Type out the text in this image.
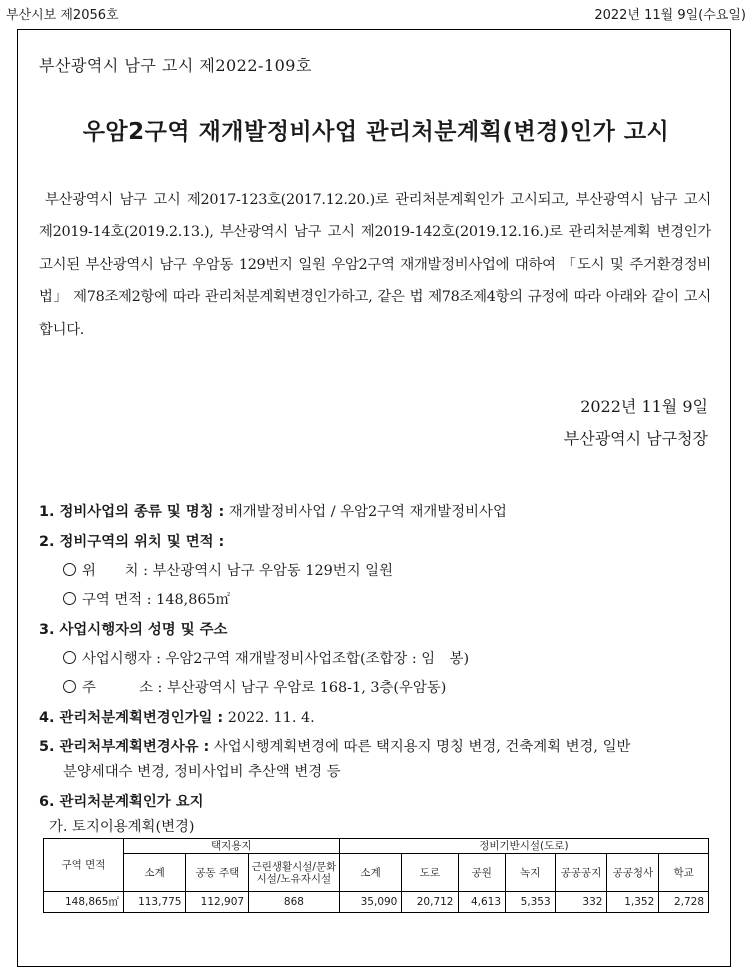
부산시보 제2056호	2022년 11월 9일(수요일)
부산광역시 남구 고시 제2022-109호
우암2구역 재개발정비사업 관리처분계획(변경)인가 고시
부산광역시 남구 고시 제2017-123호(2017.12.20.)로 관리처분계획인가 고시되고, 부산광역시 남구 고시 제2019-14호(2019.2.13.), 부산광역시 남구 고시 제2019-142호(2019.12.16.)로 관리처분계획 변경인가 고시된 부산광역시 남구 우암동 129번지 일원 우암2구역 재개발정비사업에 대하여 「도시 및 주거환경정비법」 제78조제2항에 따라 관리처분계획변경인가하고, 같은 법 제78조제4항의 규정에 따라 아래와 같이 고시합니다.
2022년 11월 9일
부산광역시 남구청장
1. 정비사업의 종류 및 명칭 : 재개발정비사업 / 우암2구역 재개발정비사업
2. 정비구역의 위치 및 면적 :
위　　치 : 부산광역시 남구 우암동 129번지 일원
구역 면적 : 148,865㎡
3. 사업시행자의 성명 및 주소
사업시행자 : 우암2구역 재개발정비사업조합(조합장 : 임　봉)
주　　　소 : 부산광역시 남구 우암로 168-1, 3층(우암동)
4. 관리처분계획변경인가일 : 2022. 11. 4.
5. 관리처부계획변경사유 : 사업시행계획변경에 따른 택지용지 명칭 변경, 건축계획 변경, 일반
분양세대수 변경, 정비사업비 추산액 변경 등
6. 관리처분계획인가 요지
가. 토지이용계획(변경)
구역 면적	택지용지			정비기반시설(도로)						
	소계	공동 주택	근린생활시설/문화시설/노유자시설	소계	도로	공원	녹지	공공공지	공공청사	학교
148,865㎡	113,775	112,907	868	35,090	20,712	4,613	5,353	332	1,352	2,728
